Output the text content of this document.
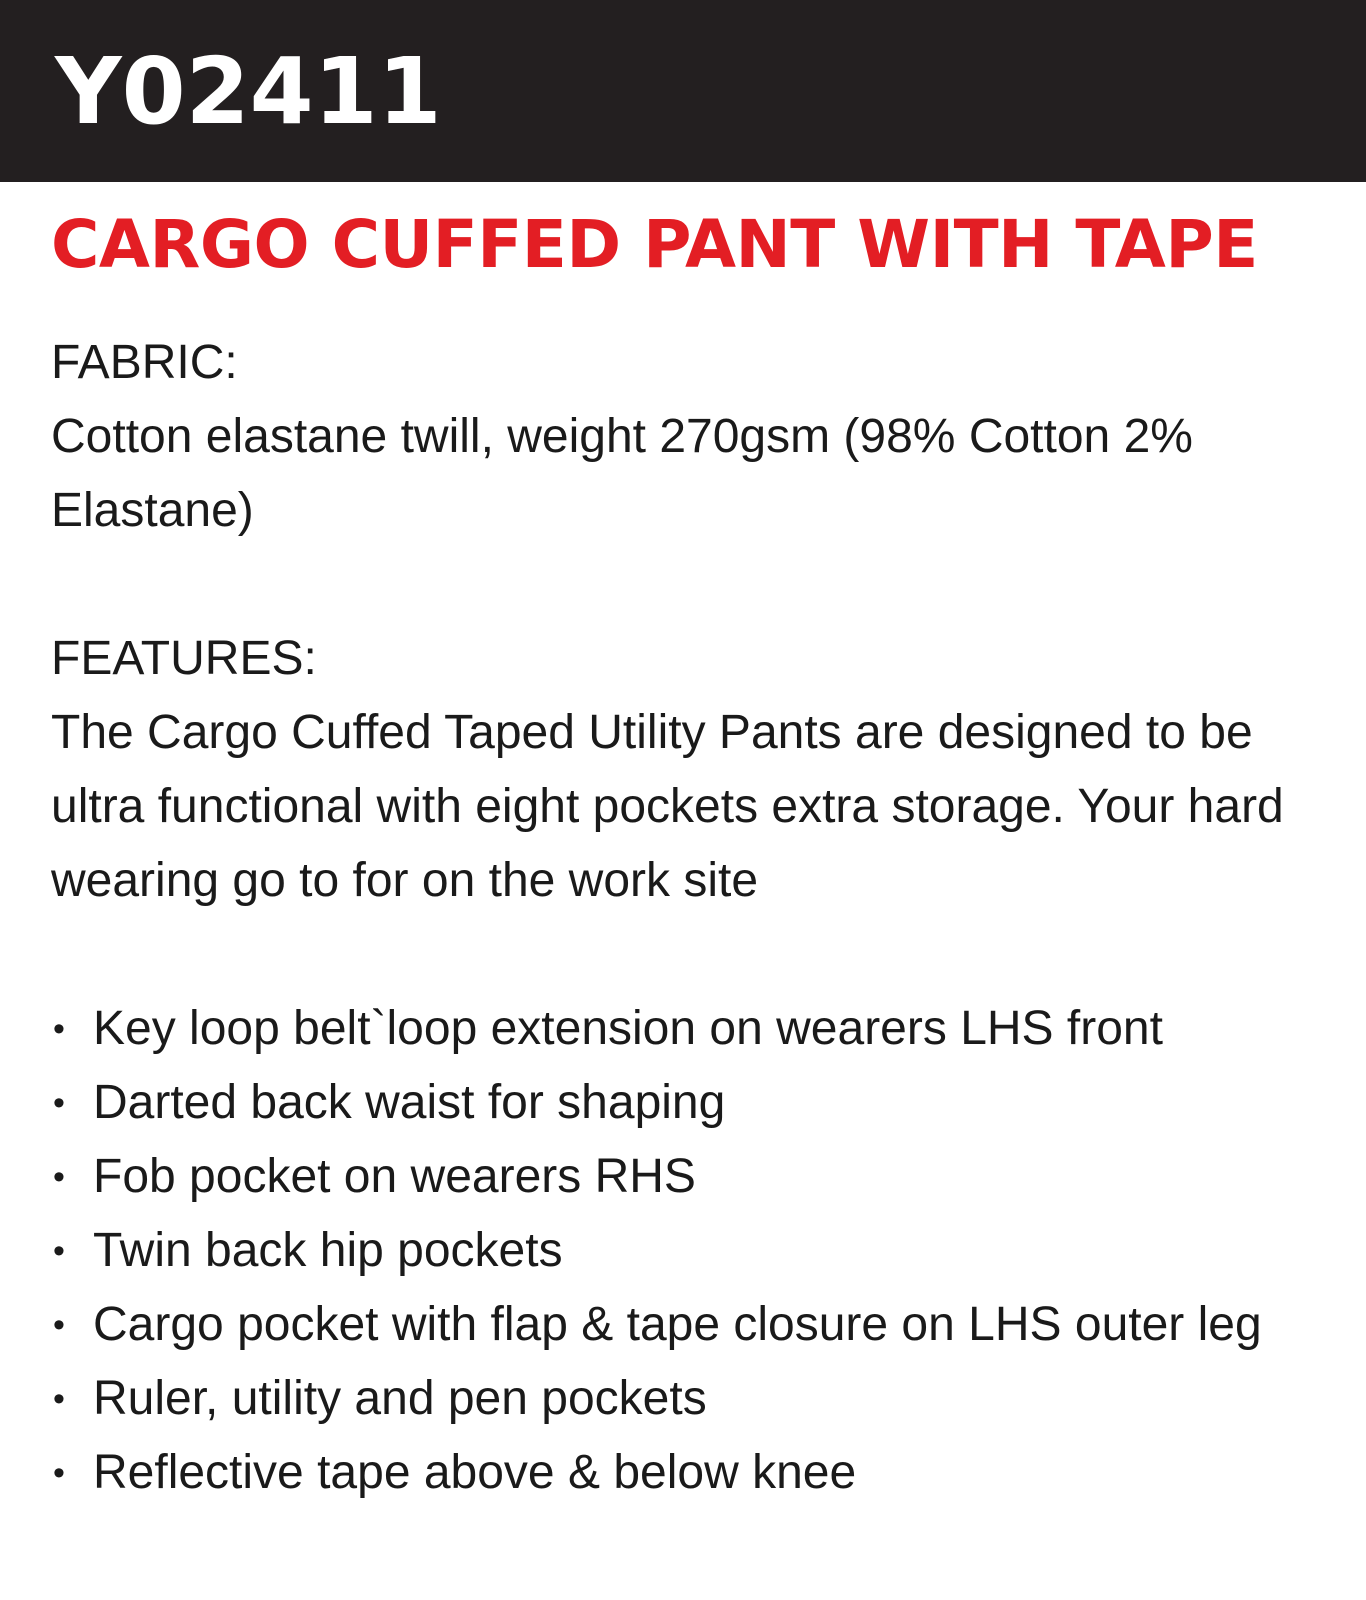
Y02411
CARGO CUFFED PANT WITH TAPE
FABRIC:

Cotton elastane twill, weight 270gsm (98% Cotton 2% Elastane)

FEATURES:

The Cargo Cuffed Taped Utility Pants are designed to be ultra functional with eight pockets extra storage. Your hard wearing go to for on the work site

• Key loop belt`loop extension on wearers LHS front
• Darted back waist for shaping
• Fob pocket on wearers RHS
• Twin back hip pockets
• Cargo pocket with flap & tape closure on LHS outer leg
• Ruler, utility and pen pockets
• Reflective tape above & below knee
